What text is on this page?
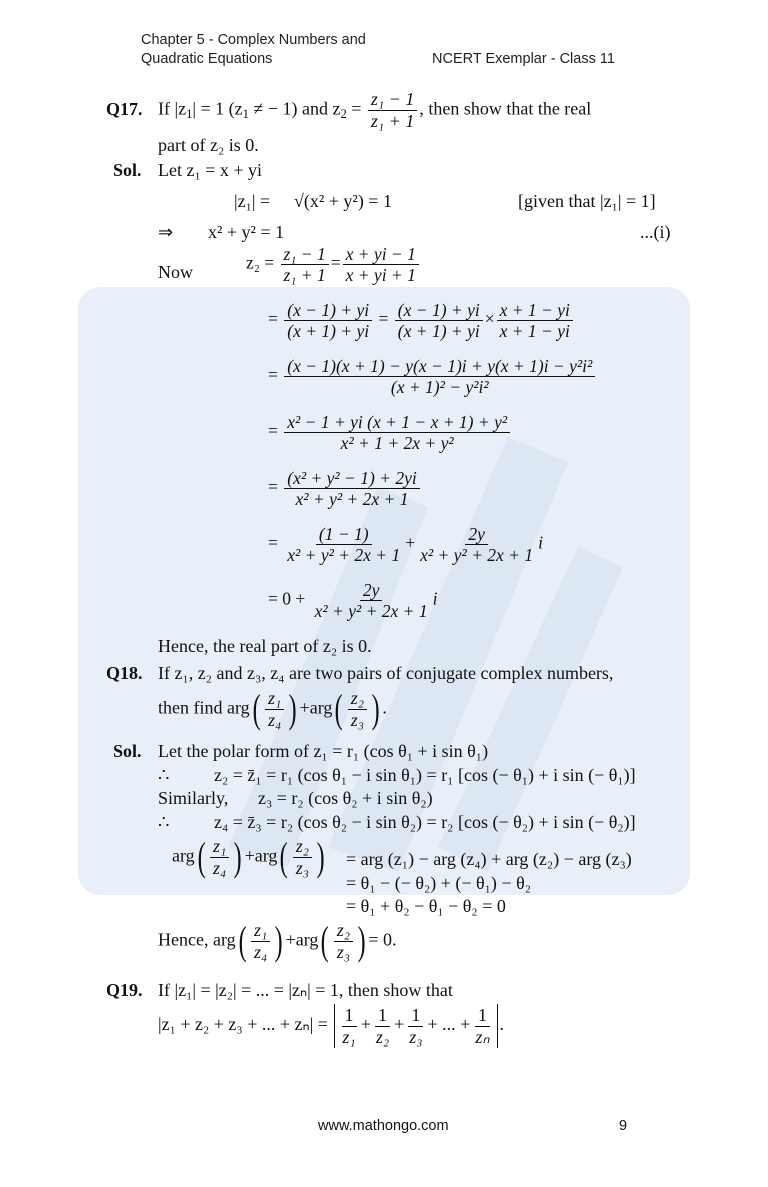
Chapter 5 - Complex Numbers and
Quadratic Equations	NCERT Exemplar - Class 11
Q17. If $|z_1| = 1$ ($z_1$ ≠ − 1) and $z_2 = \frac{\text{z₁ − 1}}{\text{z₁ + 1}}$ , then show that the real
part of z₂ is 0.
Sol. Let z₁ = x + yi
|z₁| = √(x² + y²) = 1	[given that |z₁| = 1]
⇒ x² + y² = 1	...(i)
Now	$z_2 = \frac{\text{z₁ − 1}}{\text{z₁ + 1}} = \frac{x + yi - 1}{x + yi + 1}$
= $\frac{(x - 1) + yi}{(x + 1) + yi} = \frac{(x - 1) + yi}{(x + 1) + yi} \times \frac{x + 1 - yi}{x + 1 - yi}$
= $\frac{\text{(x − 1)(x + 1) − y(x − 1)i + y(x + 1)i − y²i²}}{\text{(x + 1)² − y²i²}}$
= $\frac{\text{x² − 1 + yi (x + 1 − x + 1) + y²}}{\text{x² + 1 + 2x + y²}}$
= $\frac{\text{(x² + y² − 1) + 2yi}}{\text{x² + y² + 2x + 1}}$
= $\frac{(1 - 1)}{\text{x² + y² + 2x + 1}} + \frac{2y}{\text{x² + y² + 2x + 1}}$ i
= $0 + \frac{2y}{\text{x² + y² + 2x + 1}}$ i
Hence, the real part of z₂ is 0.
Q18. If z₁, z₂ and z₃, z₄ are two pairs of conjugate complex numbers,
then find $arg( \frac{\text{z₁}}{\text{z₄}}$ ) $+arg( \frac{\text{z₂}}{\text{z₃}}$ ) .
Sol. Let the polar form of z₁ = r₁ (cos θ₁ + i sin θ₁)
∴ z₂ = z̄₁ = r₁ (cos θ₁ − i sin θ₁) = r₁ [cos (− θ₁) + i sin (− θ₁)]
Similarly, z₃ = r₂ (cos θ₂ + i sin θ₂)
∴ z₄ = z̄₃ = r₂ (cos θ₂ − i sin θ₂) = r₂ [cos (− θ₂) + i sin (− θ₂)]
$arg( \frac{\text{z₁}}{\text{z₄}}$ ) $+arg( \frac{\text{z₂}}{\text{z₃}}$ ) = arg (z₁) − arg (z₄) + arg (z₂) − arg (z₃)
= θ₁ − (− θ₂) + (− θ₁) − θ₂
= θ₁ + θ₂ − θ₁ − θ₂ = 0
Hence, $arg( \frac{\text{z₁}}{\text{z₄}}$ ) $+arg( \frac{\text{z₂}}{\text{z₃}}$ ) = 0.
Q19. If |z₁| = |z₂| = ... = |zₙ| = 1, then show that
|z₁ + z₂ + z₃ + ... + $z_n| = \frac{1}{\text{z₁}} + \frac{1}{\text{z₂}} + \frac{1}{\text{z₃}}$ + ... + $\frac{1}{\text{zₙ}}$ .
www.mathongo.com	9
